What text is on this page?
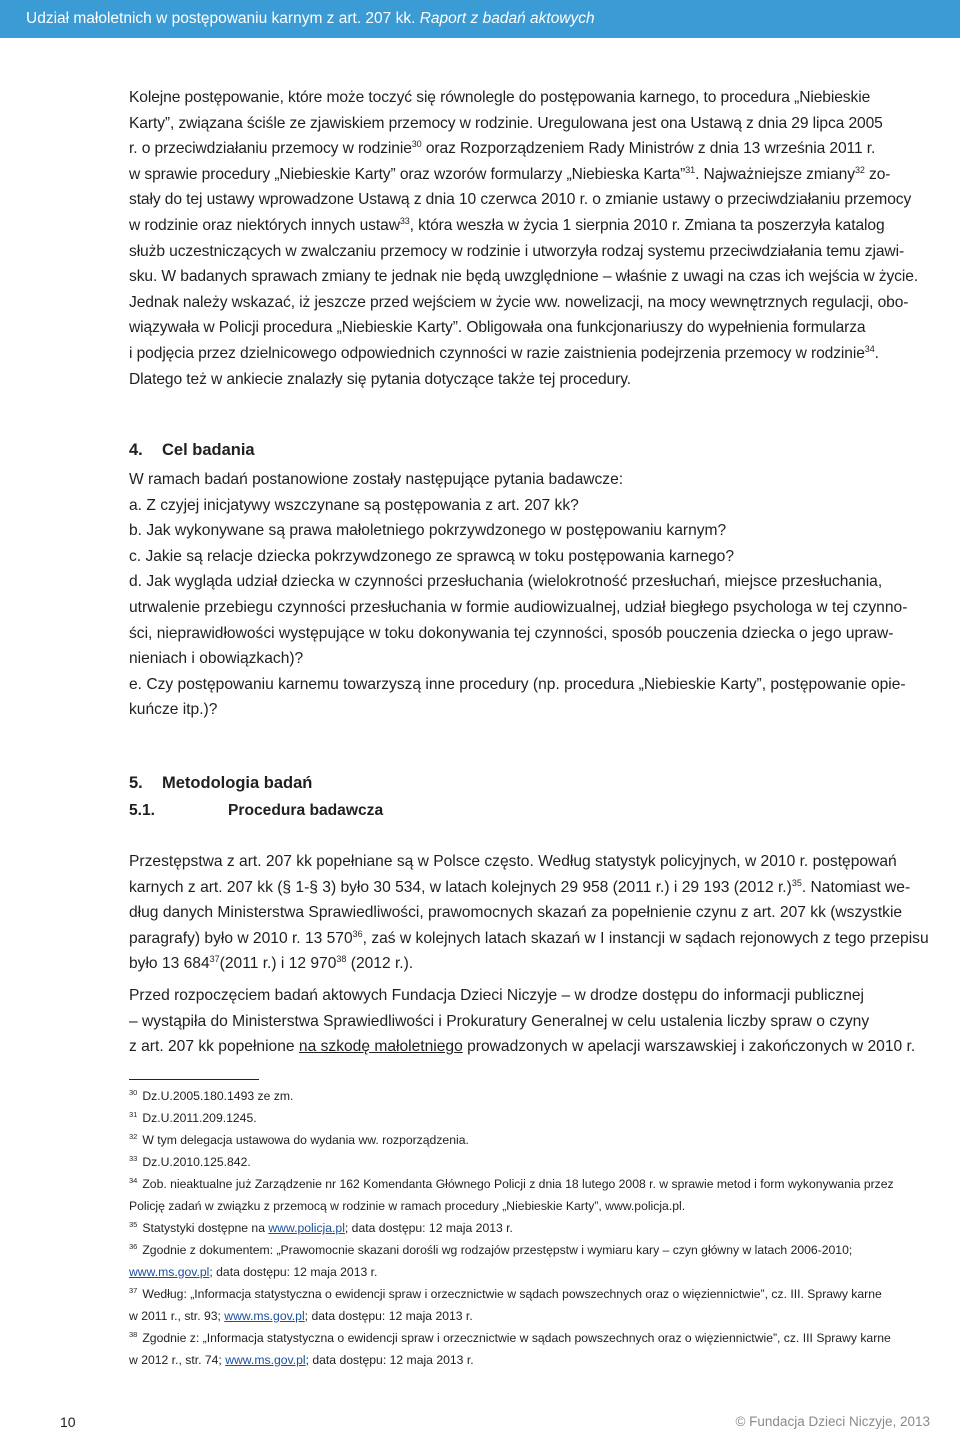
Udział małoletnich w postępowaniu karnym z art. 207 kk. Raport z badań aktowych
Kolejne postępowanie, które może toczyć się równolegle do postępowania karnego, to procedura „Niebieskie
Karty”, związana ściśle ze zjawiskiem przemocy w rodzinie. Uregulowana jest ona Ustawą z dnia 29 lipca 2005
r. o przeciwdziałaniu przemocy w rodzinie$^{30}$ oraz Rozporządzeniem Rady Ministrów z dnia 13 września 2011 r.
w sprawie procedury „Niebieskie Karty” oraz wzorów formularzy „Niebieska Karta”$^{31}$. Najważniejsze zmiany$^{32}$ zo-
stały do tej ustawy wprowadzone Ustawą z dnia 10 czerwca 2010 r. o zmianie ustawy o przeciwdziałaniu przemocy
w rodzinie oraz niektórych innych ustaw$^{33}$, która weszła w życia 1 sierpnia 2010 r. Zmiana ta poszerzyła katalog
służb uczestniczących w zwalczaniu przemocy w rodzinie i utworzyła rodzaj systemu przeciwdziałania temu zjawi-
sku. W badanych sprawach zmiany te jednak nie będą uwzględnione – właśnie z uwagi na czas ich wejścia w życie.
Jednak należy wskazać, iż jeszcze przed wejściem w życie ww. nowelizacji, na mocy wewnętrznych regulacji, obo-
wiązywała w Policji procedura „Niebieskie Karty”. Obligowała ona funkcjonariuszy do wypełnienia formularza
i podjęcia przez dzielnicowego odpowiednich czynności w razie zaistnienia podejrzenia przemocy w rodzinie$^{34}$.
Dlatego też w ankiecie znalazły się pytania dotyczące także tej procedury.
4. Cel badania
W ramach badań postanowione zostały następujące pytania badawcze:
a. Z czyjej inicjatywy wszczynane są postępowania z art. 207 kk?
b. Jak wykonywane są prawa małoletniego pokrzywdzonego w postępowaniu karnym?
c. Jakie są relacje dziecka pokrzywdzonego ze sprawcą w toku postępowania karnego?
d. Jak wygląda udział dziecka w czynności przesłuchania (wielokrotność przesłuchań, miejsce przesłuchania,
utrwalenie przebiegu czynności przesłuchania w formie audiowizualnej, udział biegłego psychologa w tej czynno-
ści, nieprawidłowości występujące w toku dokonywania tej czynności, sposób pouczenia dziecka o jego upraw-
nieniach i obowiązkach)?
e. Czy postępowaniu karnemu towarzyszą inne procedury (np. procedura „Niebieskie Karty”, postępowanie opie-
kuńcze itp.)?
5. Metodologia badań
5.1.	Procedura badawcza
Przestępstwa z art. 207 kk popełniane są w Polsce często. Według statystyk policyjnych, w 2010 r. postępowań
karnych z art. 207 kk (§ 1-§ 3) było 30 534, w latach kolejnych 29 958 (2011 r.) i 29 193 (2012 r.)$^{35}$. Natomiast we-
dług danych Ministerstwa Sprawiedliwości, prawomocnych skazań za popełnienie czynu z art. 207 kk (wszystkie
paragrafy) było w 2010 r. 13 $570^{36}$, zaś w kolejnych latach skazań w I instancji w sądach rejonowych z tego przepisu
było 13 $684^{37}(2011$ r.) i 12 $970^{38}$ (2012 r.).
Przed rozpoczęciem badań aktowych Fundacja Dzieci Niczyje – w drodze dostępu do informacji publicznej
– wystąpiła do Ministerstwa Sprawiedliwości i Prokuratury Generalnej w celu ustalenia liczby spraw o czyny
z art. 207 kk popełnione na szkodę małoletniego prowadzonych w apelacji warszawskiej i zakończonych w 2010 r.
$^{30}$ Dz.U.2005.180.1493 ze zm.
$^{31}$ Dz.U.2011.209.1245.
$^{32}$ W tym delegacja ustawowa do wydania ww. rozporządzenia.
$^{33}$ Dz.U.2010.125.842.
$^{34}$ Zob. nieaktualne już Zarządzenie nr 162 Komendanta Głównego Policji z dnia 18 lutego 2008 r. w sprawie metod i form wykonywania przez
Policję zadań w związku z przemocą w rodzinie w ramach procedury „Niebieskie Karty”, www.policja.pl.
$^{35}$ Statystyki dostępne na www.policja.pl; data dostępu: 12 maja 2013 r.
$^{36}$ Zgodnie z dokumentem: „Prawomocnie skazani dorośli wg rodzajów przestępstw i wymiaru kary – czyn główny w latach 2006-2010;
www.ms.gov.pl; data dostępu: 12 maja 2013 r.
$^{37}$ Według: „Informacja statystyczna o ewidencji spraw i orzecznictwie w sądach powszechnych oraz o więziennictwie”, cz. III. Sprawy karne
w 2011 r., str. 93; www.ms.gov.pl; data dostępu: 12 maja 2013 r.
$^{38}$ Zgodnie z: „Informacja statystyczna o ewidencji spraw i orzecznictwie w sądach powszechnych oraz o więziennictwie”, cz. III Sprawy karne
w 2012 r., str. 74; www.ms.gov.pl; data dostępu: 12 maja 2013 r.
10	© Fundacja Dzieci Niczyje, 2013
